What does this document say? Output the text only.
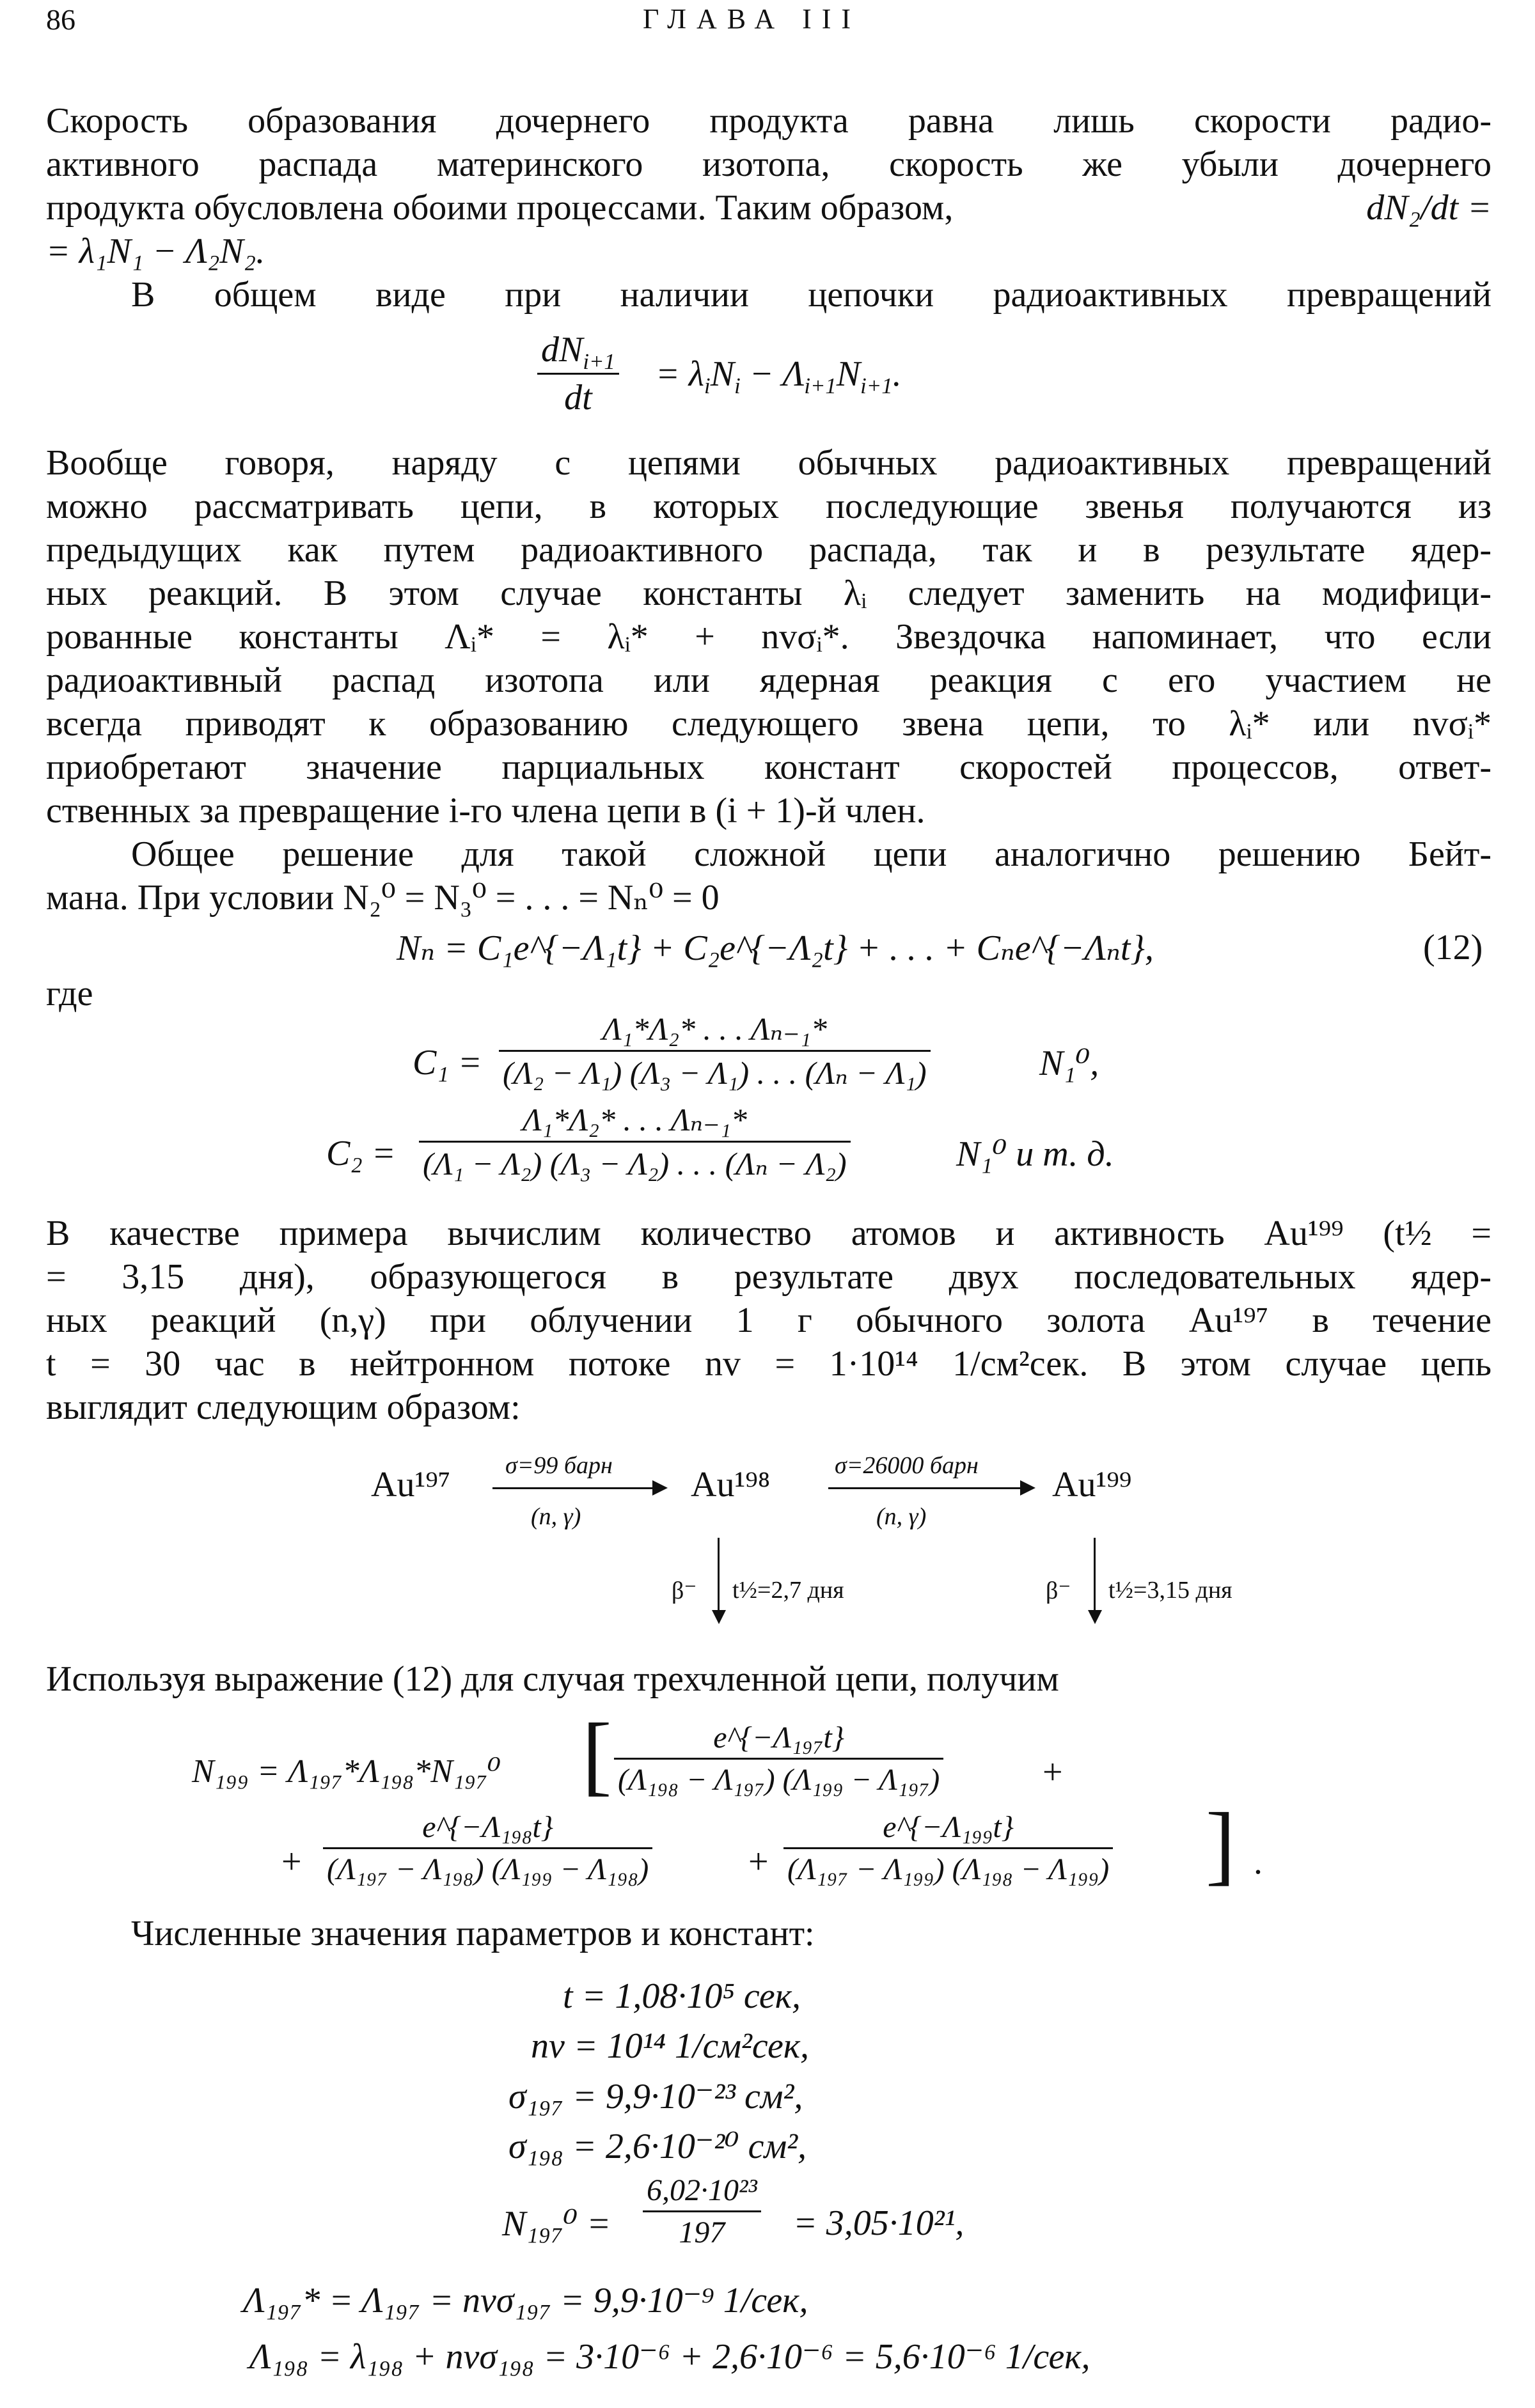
86	ГЛАВА III
Скорость образования дочернего продукта равна лишь скорости радио-
активного распада материнского изотопа, скорость же убыли дочернего
продукта обусловлена обоими процессами. Таким образом,	dN₂/dt =
= λ₁N₁ − Λ₂N₂.
В общем виде при наличии цепочки радиоактивных превращений
$dN_{i+1}$
dt
= $\lambda_iN_i - \Lambda_{i+1}N_{i+1}$.
Вообще говоря, наряду с цепями обычных радиоактивных превращений
можно рассматривать цепи, в которых последующие звенья получаются из
предыдущих как путем радиоактивного распада, так и в результате ядер-
ных реакций. В этом случае константы λᵢ следует заменить на модифици-
рованные константы Λᵢ* = λᵢ* + nvσᵢ*. Звездочка напоминает, что если
радиоактивный распад изотопа или ядерная реакция с его участием не
всегда приводят к образованию следующего звена цепи, то λᵢ* или nvσᵢ*
приобретают значение парциальных констант скоростей процессов, ответ-
ственных за превращение i-го члена цепи в (i + 1)-й член.
Общее решение для такой сложной цепи аналогично решению Бейт-
мана. При условии N₂⁰ = N₃⁰ = . . . = Nₙ⁰ = 0
Nₙ = C₁e^{−Λ₁t} + C₂e^{−Λ₂t} + . . . + Cₙe^{−Λₙt},	(12)
где
$C_1 = \frac{\text{Λ₁*Λ₂* . . . Λₙ₋₁*}}{\text{(Λ₂ − Λ₁) (Λ₃ − Λ₁) . . . (Λₙ − Λ₁)}}$	N₁⁰,
$C_2 = \frac{\text{Λ₁*Λ₂* . . . Λₙ₋₁*}}{\text{(Λ₁ − Λ₂) (Λ₃ − Λ₂) . . . (Λₙ − Λ₂)}}$	N₁⁰ и т. д.
В качестве примера вычислим количество атомов и активность Au¹⁹⁹ (t½ =
= 3,15 дня), образующегося в результате двух последовательных ядер-
ных реакций (n,γ) при облучении 1 г обычного золота Au¹⁹⁷ в течение
t = 30 час в нейтронном потоке nv = 1·10¹⁴ 1/см²сек. В этом случае цепь
выглядит следующим образом:
Au¹⁹⁷ σ=99 барн
(n, γ)
Au¹⁹⁸	σ=26000 барн
(n, γ)
Au¹⁹⁹
β⁻ t½=2,7 дня	β⁻ t½=3,15 дня
Используя выражение (12) для случая трехчленной цепи, получим
N₁₉₉ = Λ₁₉₇*Λ₁₉₈*N₁₉₇⁰ [ $\frac{\text{e\textasciicircum{}\{−Λ₁₉₇t\}}}{\text{(Λ₁₉₈ − Λ₁₉₇) (Λ₁₉₉ − Λ₁₉₇)}}$	+
+ $\frac{\text{e\textasciicircum{}\{−Λ₁₉₈t\}}}{\text{(Λ₁₉₇ − Λ₁₉₈) (Λ₁₉₉ − Λ₁₉₈)}}$	+ $\frac{\text{e\textasciicircum{}\{−Λ₁₉₉t\}}}{\text{(Λ₁₉₇ − Λ₁₉₉) (Λ₁₉₈ − Λ₁₉₉)}}$ ] .
Численные значения параметров и констант:
t = 1,08·10⁵ сек,
nv = 10¹⁴ 1/см²сек,
σ₁₉₇ = 9,9·10⁻²³ см²,
σ₁₉₈ = 2,6·10⁻²⁰ см²,
$N_{197}^0 = \frac{\text{6,02·10²³}}{197} = 3,05\cdot 10^{21}$,
Λ₁₉₇* = Λ₁₉₇ = nvσ₁₉₇ = 9,9·10⁻⁹ 1/сек,
Λ₁₉₈ = λ₁₉₈ + nvσ₁₉₈ = 3·10⁻⁶ + 2,6·10⁻⁶ = 5,6·10⁻⁶ 1/сек,
